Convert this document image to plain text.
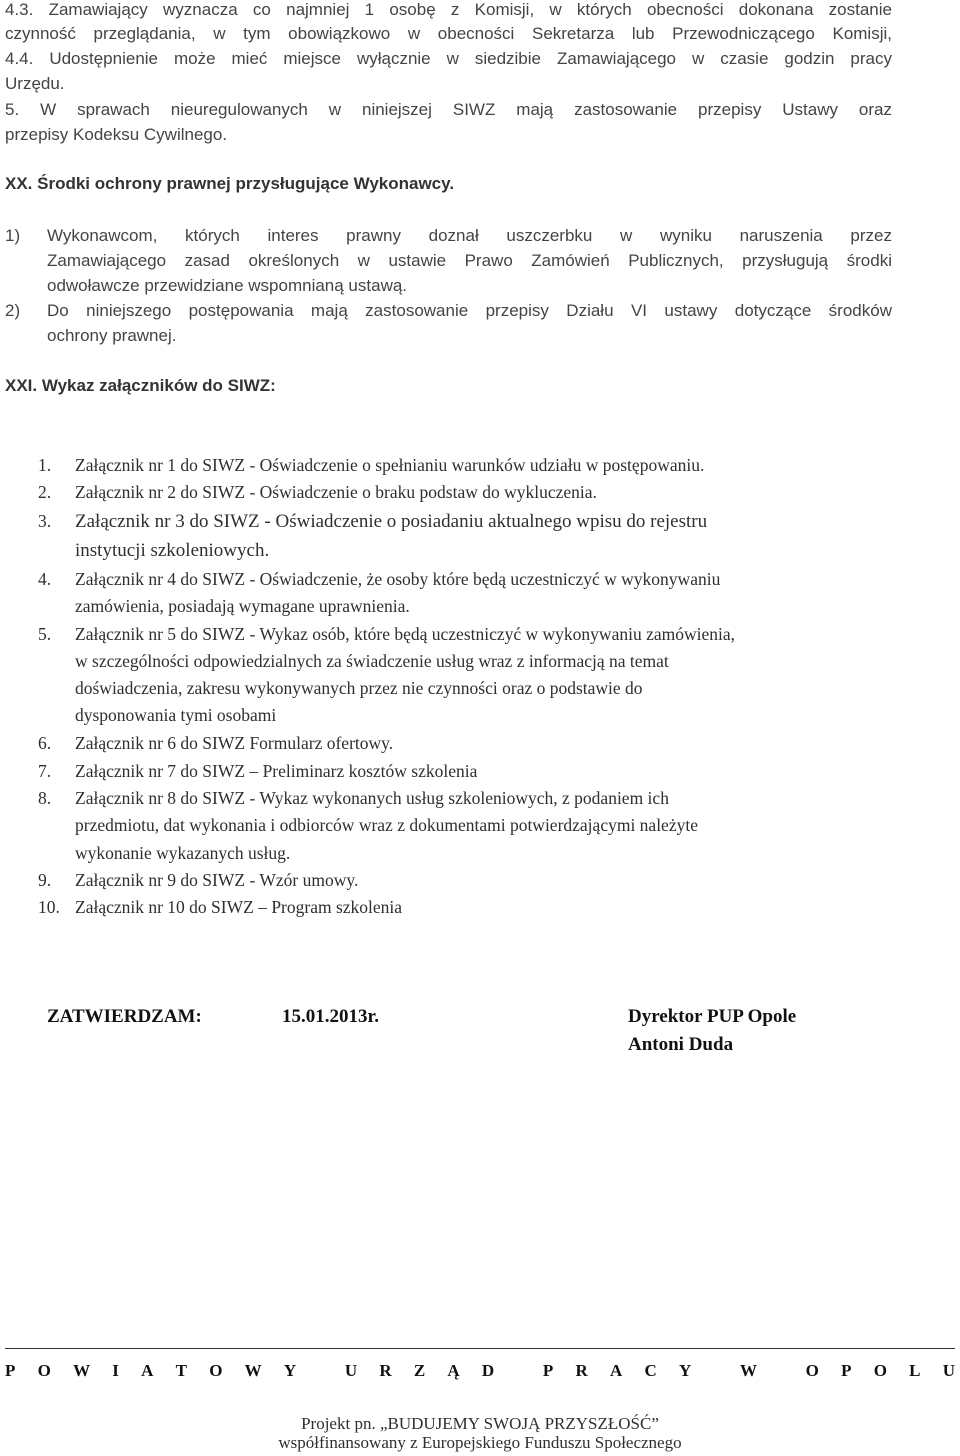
4.3. Zamawiający wyznacza co najmniej 1 osobę z Komisji, w których obecności dokonana zostanie
czynność przeglądania, w tym obowiązkowo w obecności Sekretarza lub Przewodniczącego Komisji,
4.4. Udostępnienie może mieć miejsce wyłącznie w siedzibie Zamawiającego w czasie godzin pracy
Urzędu.
5. W sprawach nieuregulowanych w niniejszej SIWZ mają zastosowanie przepisy Ustawy oraz
przepisy Kodeksu Cywilnego.
XX. Środki ochrony prawnej przysługujące Wykonawcy.
1) Wykonawcom, których interes prawny doznał uszczerbku w wyniku naruszenia przez
Zamawiającego zasad określonych w ustawie Prawo Zamówień Publicznych, przysługują środki
odwoławcze przewidziane wspomnianą ustawą.
2) Do niniejszego postępowania mają zastosowanie przepisy Działu VI ustawy dotyczące środków
ochrony prawnej.
XXI. Wykaz załączników do SIWZ:
1.	Załącznik nr 1 do SIWZ - Oświadczenie o spełnianiu warunków udziału w postępowaniu.
2.	Załącznik nr 2 do SIWZ - Oświadczenie o braku podstaw do wykluczenia.
3.	Załącznik nr 3 do SIWZ - Oświadczenie o posiadaniu aktualnego wpisu do rejestru
instytucji szkoleniowych.
4.	Załącznik nr 4 do SIWZ - Oświadczenie, że osoby które będą uczestniczyć w wykonywaniu
zamówienia, posiadają wymagane uprawnienia.
5.	Załącznik nr 5 do SIWZ - Wykaz osób, które będą uczestniczyć w wykonywaniu zamówienia,
w szczególności odpowiedzialnych za świadczenie usług wraz z informacją na temat
doświadczenia, zakresu wykonywanych przez nie czynności oraz o podstawie do
dysponowania tymi osobami
6.	Załącznik nr 6 do SIWZ Formularz ofertowy.
7.	Załącznik nr 7 do SIWZ – Preliminarz kosztów szkolenia
8.	Załącznik nr 8 do SIWZ - Wykaz wykonanych usług szkoleniowych, z podaniem ich
przedmiotu, dat wykonania i odbiorców wraz z dokumentami potwierdzającymi należyte
wykonanie wykazanych usług.
9.	Załącznik nr 9 do SIWZ - Wzór umowy.
10. Załącznik nr 10 do SIWZ – Program szkolenia
ZATWIERDZAM:	15.01.2013r.	Dyrektor PUP Opole
Antoni Duda
P O W I A T O W Y
	U R Z Ą D
	P R A C Y
	W
	O P O L U
Projekt pn. „BUDUJEMY SWOJĄ PRZYSZŁOŚĆ”
współfinansowany z Europejskiego Funduszu Społecznego
